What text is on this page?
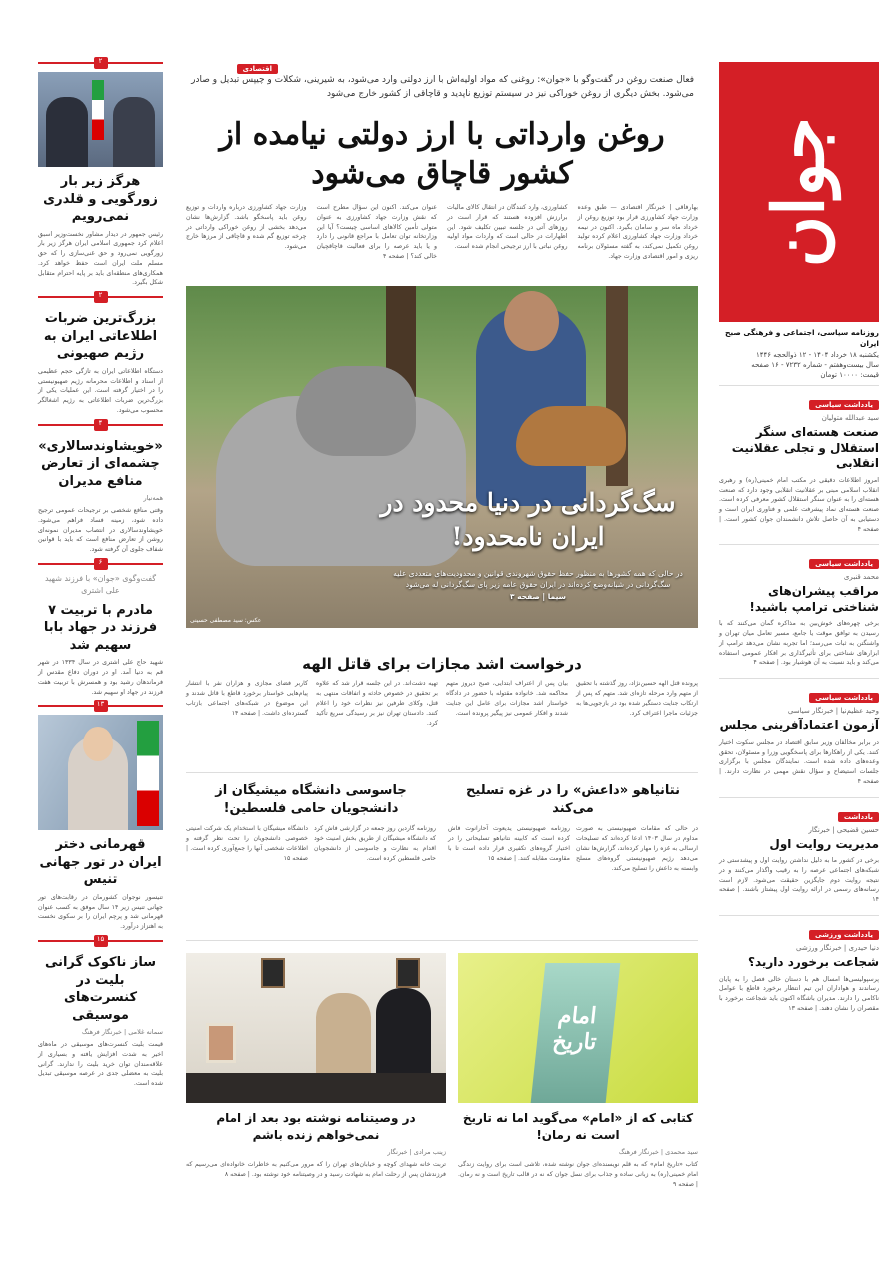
جوان
روزنامه سیاسی، اجتماعی و فرهنگی صبح ایران
یکشنبه ۱۸ خرداد ۱۴۰۴ - ۱۲ ذوالحجه ۱۴۴۶
سال بیست‌وهفتم - شماره ۷۲۳۲ - ۱۶ صفحه
قیمت: ۱۰۰۰۰ تومان
یادداشت سیاسی
سید عبدالله متولیان
صنعت هسته‌ای سنگر استقلال و تجلی عقلانیت انقلابی
امروز اطلاعات دقیقی در مکتب امام خمینی(ره) و رهبری انقلاب اسلامی مبنی بر عقلانیت انقلابی وجود دارد که صنعت هسته‌ای را به عنوان سنگر استقلال کشور معرفی کرده است. صنعت هسته‌ای نماد پیشرفت علمی و فناوری ایران است و دستیابی به آن حاصل تلاش دانشمندان جوان کشور است. | صفحه ۴
یادداشت سیاسی
محمد قنبری
مراقب پیشران‌های شناختی ترامپ باشید!
برخی چهره‌های خوش‌بین به مذاکره گمان می‌کنند که با رسیدن به توافق موقت یا جامع، مسیر تعامل میان تهران و واشنگتن به ثبات می‌رسد؛ اما تجربه نشان می‌دهد ترامپ از ابزارهای شناختی برای تأثیرگذاری بر افکار عمومی استفاده می‌کند و باید نسبت به آن هوشیار بود. | صفحه ۴
یادداشت سیاسی
وحید عظیم‌نیا | خبرنگار سیاسی
آزمون اعتمادآفرینی مجلس
در برابر مخالفان وزیر سابق اقتصاد در مجلس سکوت اختیار کنند. یکی از راهکارها برای پاسخگویی وزرا و مسئولان، تحقق وعده‌های داده شده است. نمایندگان مجلس با برگزاری جلسات استیضاح و سؤال نقش مهمی در نظارت دارند. | صفحه ۴
یادداشت
حسین قضیحی | خبرنگار
مدیریت روایت اول
برخی در کشور ما به دلیل نداشتن روایت اول و پیشدستی در شبکه‌های اجتماعی عرصه را به رقیب واگذار می‌کنند و در نتیجه روایت دوم جایگزین حقیقت می‌شود. لازم است رسانه‌های رسمی در ارائه روایت اول پیشتاز باشند. | صفحه ۱۴
یادداشت ورزشی
دنیا حیدری | خبرنگار ورزشی
شجاعت برخورد دارید؟
پرسپولیسی‌ها امسال هم با دستان خالی فصل را به پایان رساندند و هواداران این تیم انتظار برخورد قاطع با عوامل ناکامی را دارند. مدیران باشگاه اکنون باید شجاعت برخورد با مقصران را نشان دهند. | صفحه ۱۳
۲
هرگز زیر بار زورگویی و قلدری نمی‌رویم
رئیس جمهور در دیدار مشاور نخست‌وزیر اسبق اعلام کرد جمهوری اسلامی ایران هرگز زیر بار زورگویی نمی‌رود و حق غنی‌سازی را که حق مسلم ملت ایران است حفظ خواهد کرد. همکاری‌های منطقه‌ای باید بر پایه احترام متقابل شکل بگیرد.
۲
بزرگ‌ترین ضربات اطلاعاتی ایران به رژیم صهیونی
دستگاه اطلاعاتی ایران به تازگی حجم عظیمی از اسناد و اطلاعات محرمانه رژیم صهیونیستی را در اختیار گرفته است. این عملیات یکی از بزرگ‌ترین ضربات اطلاعاتی به رژیم اشغالگر محسوب می‌شود.
۴
«خویشاوندسالاری» چشمه‌ای از تعارض منافع مدیران
همه‌نیار
وقتی منافع شخصی بر ترجیحات عمومی ترجیح داده شود، زمینه فساد فراهم می‌شود. خویشاوندسالاری در انتصاب مدیران نمونه‌ای روشن از تعارض منافع است که باید با قوانین شفاف جلوی آن گرفته شود.
۶
گفت‌وگوی «جوان» با فرزند شهید علی اشتری
مادرم با تربیت ۷ فرزند در جهاد بابا سهیم شد
شهید حاج علی اشتری در سال ۱۳۳۴ در شهر قم به دنیا آمد. او در دوران دفاع مقدس از فرماندهان رشید بود و همسرش با تربیت هفت فرزند در جهاد او سهیم شد.
۱۳
قهرمانی دختر ایران در تور جهانی تنیس
تنیسور نوجوان کشورمان در رقابت‌های تور جهانی تنیس زیر ۱۴ سال موفق به کسب عنوان قهرمانی شد و پرچم ایران را بر سکوی نخست به اهتزاز درآورد.
۱۵
ساز ناکوک گرانی بلیت در کنسرت‌های موسیقی
سمانه غلامی | خبرنگار فرهنگ
قیمت بلیت کنسرت‌های موسیقی در ماه‌های اخیر به شدت افزایش یافته و بسیاری از علاقه‌مندان توان خرید بلیت را ندارند. گرانی بلیت به معضلی جدی در عرصه موسیقی تبدیل شده است.
اقتصادی
فعال صنعت روغن در گفت‌وگو با «جوان»: روغنی که مواد اولیه‌اش با ارز دولتی وارد می‌شود، به شیرینی، شکلات و چیپس تبدیل و صادر می‌شود. بخش دیگری از روغن خوراکی نیز در سیستم توزیع ناپدید و قاچاقی از کشور خارج می‌شود
روغن وارداتی با ارز دولتی نیامده از کشور قاچاق می‌شود
بهارفاقی | خبرنگار اقتصادی — طبق وعده وزارت جهاد کشاورزی قرار بود توزیع روغن از خرداد ماه سر و سامان بگیرد. اکنون در نیمه خرداد وزارت جهاد کشاورزی اعلام کرده تولید روغن تکمیل نمی‌کند، به گفته مسئولان برنامه ریزی و امور اقتصادی وزارت جهاد.
کشاورزی، وارد کنندگان در انتقال کالای مالیات برارزش افزوده هستند که قرار است در روزهای آتی در جلسه تبیین تکلیف شود. این اظهارات در حالی است که واردات مواد اولیه روغن نباتی با ارز ترجیحی انجام شده است.
عنوان می‌کند. اکنون این سؤال مطرح است که نقش وزارت جهاد کشاورزی به عنوان متولی تأمین کالاهای اساسی چیست؟ آیا این وزارتخانه توان تعامل با مراجع قانونی را دارد و یا باید عرصه را برای فعالیت قاچاقچیان خالی کند؟ | صفحه ۴
وزارت جهاد کشاورزی درباره واردات و توزیع روغن باید پاسخگو باشد. گزارش‌ها نشان می‌دهد بخشی از روغن خوراکی وارداتی در چرخه توزیع گم شده و قاچاقی از مرزها خارج می‌شود.
سگ‌گردانی در دنیا محدود در ایران نامحدود!
در حالی که همه کشورها به منظور حفظ حقوق شهروندی قوانین و محدودیت‌های متعددی علیه سگ‌گردانی در شبانه‌وضع کرده‌اند در ایران حقوق عامه زیر پای سگ‌گردانی له می‌شود
سیما | صفحه ۳
عکس: سید مصطفی حسینی
درخواست اشد مجازات برای قاتل الهه
پرونده قتل الهه حسین‌نژاد، روز گذشته با تحقیق از متهم وارد مرحله تازه‌ای شد. متهم که پس از ارتکاب جنایت دستگیر شده بود در بازجویی‌ها به جزئیات ماجرا اعتراف کرد.
بیان پس از اعتراف ابتدایی، صبح دیروز متهم محاکمه شد. خانواده مقتوله با حضور در دادگاه خواستار اشد مجازات برای عامل این جنایت شدند و افکار عمومی نیز پیگیر پرونده است.
تهیه دشت‌اند. در این جلسه قرار شد که علاوه بر تحقیق در خصوص حادثه و اتفاقات منتهی به قتل، وکلای طرفین نیز نظرات خود را اعلام کنند. دادستان تهران نیز بر رسیدگی سریع تأکید کرد.
کاربر فضای مجازی و هزاران نفر با انتشار پیام‌هایی خواستار برخورد قاطع با قاتل شدند و این موضوع در شبکه‌های اجتماعی بازتاب گسترده‌ای داشت. | صفحه ۱۴
نتانیاهو «داعش» را در غزه تسلیح می‌کند
در حالی که مقامات صهیونیستی به صورت مداوم در سال ۱۴۰۳ ادعا کرده‌اند که تسلیحات ارسالی به غزه را مهار کرده‌اند، گزارش‌ها نشان می‌دهد رژیم صهیونیستی گروه‌های مسلح وابسته به داعش را تسلیح می‌کند.
روزنامه صهیونیستی یدیعوت آحارانوت فاش کرده است که کابینه نتانیاهو تسلیحاتی را در اختیار گروه‌های تکفیری قرار داده است تا با مقاومت مقابله کنند. | صفحه ۱۵
جاسوسی دانشگاه میشیگان از دانشجویان حامی فلسطین!
روزنامه گاردین روز جمعه در گزارشی فاش کرد که دانشگاه میشیگان از طریق بخش امنیت خود اقدام به نظارت و جاسوسی از دانشجویان حامی فلسطین کرده است.
دانشگاه میشیگان با استخدام یک شرکت امنیتی خصوصی دانشجویان را تحت نظر گرفته و اطلاعات شخصی آنها را جمع‌آوری کرده است. | صفحه ۱۵
امام تاریخ
کتابی که از «امام» می‌گوید اما نه تاریخ است نه رمان!
سید محمدی | خبرنگار فرهنگ
کتاب «تاریخ امام» که به قلم نویسنده‌ای جوان نوشته شده، تلاشی است برای روایت زندگی امام خمینی(ره) به زبانی ساده و جذاب برای نسل جوان که نه در قالب تاریخ است و نه رمان. | صفحه ۹
در وصیتنامه نوشته بود بعد از امام نمی‌خواهم زنده باشم
زینب مرادی | خبرنگار
تربت خانه شهدای کوچه و خیابان‌های تهران را که مرور می‌کنیم به خاطرات خانواده‌ای می‌رسیم که فرزندشان پس از رحلت امام به شهادت رسید و در وصیتنامه خود نوشته بود. | صفحه ۸
